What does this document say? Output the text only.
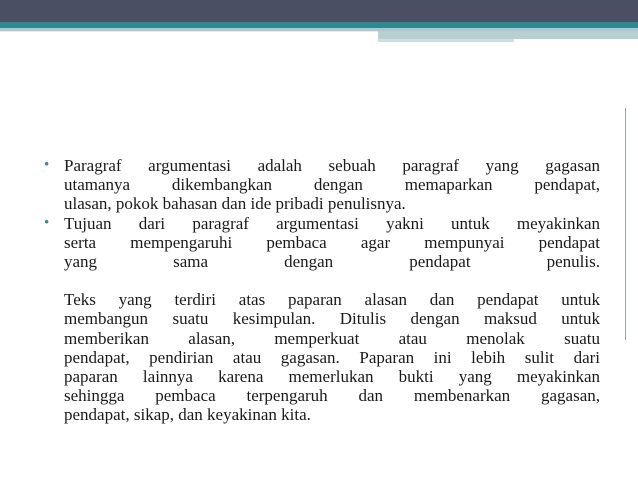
• Paragraf argumentasi adalah sebuah paragraf yang gagasan
utamanya dikembangkan dengan memaparkan pendapat,
ulasan, pokok bahasan dan ide pribadi penulisnya.
• Tujuan dari paragraf argumentasi yakni untuk meyakinkan
serta mempengaruhi pembaca agar mempunyai pendapat
yang sama dengan pendapat penulis.
Teks yang terdiri atas paparan alasan dan pendapat untuk
membangun suatu kesimpulan. Ditulis dengan maksud untuk
memberikan alasan, memperkuat atau menolak suatu
pendapat, pendirian atau gagasan. Paparan ini lebih sulit dari
paparan lainnya karena memerlukan bukti yang meyakinkan
sehingga pembaca terpengaruh dan membenarkan gagasan,
pendapat, sikap, dan keyakinan kita.
